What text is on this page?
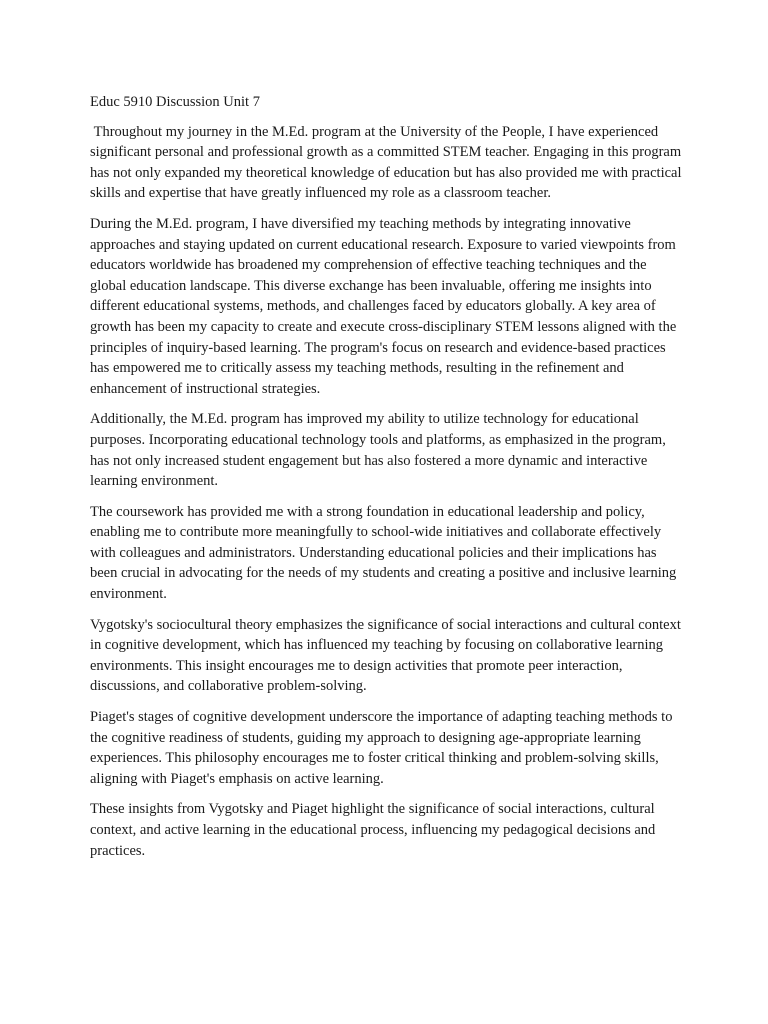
Educ 5910 Discussion Unit 7

Throughout my journey in the M.Ed. program at the University of the People, I have experienced significant personal and professional growth as a committed STEM teacher. Engaging in this program has not only expanded my theoretical knowledge of education but has also provided me with practical skills and expertise that have greatly influenced my role as a classroom teacher.

During the M.Ed. program, I have diversified my teaching methods by integrating innovative approaches and staying updated on current educational research. Exposure to varied viewpoints from educators worldwide has broadened my comprehension of effective teaching techniques and the global education landscape. This diverse exchange has been invaluable, offering me insights into different educational systems, methods, and challenges faced by educators globally. A key area of growth has been my capacity to create and execute cross-disciplinary STEM lessons aligned with the principles of inquiry-based learning. The program's focus on research and evidence-based practices has empowered me to critically assess my teaching methods, resulting in the refinement and enhancement of instructional strategies.

Additionally, the M.Ed. program has improved my ability to utilize technology for educational purposes. Incorporating educational technology tools and platforms, as emphasized in the program, has not only increased student engagement but has also fostered a more dynamic and interactive learning environment.

The coursework has provided me with a strong foundation in educational leadership and policy, enabling me to contribute more meaningfully to school-wide initiatives and collaborate effectively with colleagues and administrators. Understanding educational policies and their implications has been crucial in advocating for the needs of my students and creating a positive and inclusive learning environment.

Vygotsky's sociocultural theory emphasizes the significance of social interactions and cultural context in cognitive development, which has influenced my teaching by focusing on collaborative learning environments. This insight encourages me to design activities that promote peer interaction, discussions, and collaborative problem-solving.

Piaget's stages of cognitive development underscore the importance of adapting teaching methods to the cognitive readiness of students, guiding my approach to designing age-appropriate learning experiences. This philosophy encourages me to foster critical thinking and problem-solving skills, aligning with Piaget's emphasis on active learning.

These insights from Vygotsky and Piaget highlight the significance of social interactions, cultural context, and active learning in the educational process, influencing my pedagogical decisions and practices.
